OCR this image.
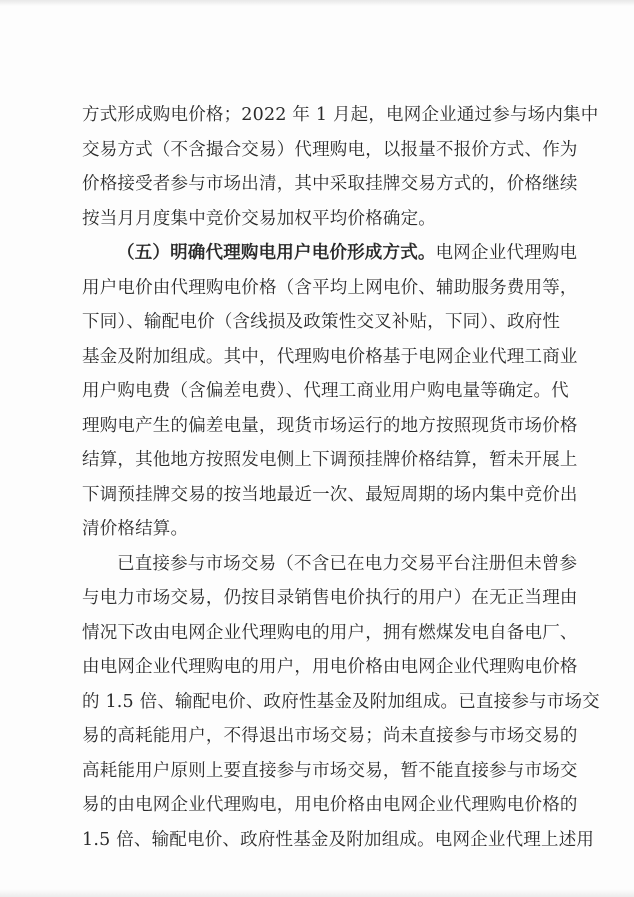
方式形成购电价格；2022 年 1 月起，电网企业通过参与场内集中
交易方式（不含撮合交易）代理购电，以报量不报价方式、作为
价格接受者参与市场出清，其中采取挂牌交易方式的，价格继续
按当月月度集中竞价交易加权平均价格确定。
（五）明确代理购电用户电价形成方式。电网企业代理购电
用户电价由代理购电价格（含平均上网电价、辅助服务费用等，
下同）、输配电价（含线损及政策性交叉补贴，下同）、政府性
基金及附加组成。其中，代理购电价格基于电网企业代理工商业
用户购电费（含偏差电费）、代理工商业用户购电量等确定。代
理购电产生的偏差电量，现货市场运行的地方按照现货市场价格
结算，其他地方按照发电侧上下调预挂牌价格结算，暂未开展上
下调预挂牌交易的按当地最近一次、最短周期的场内集中竞价出
清价格结算。
已直接参与市场交易（不含已在电力交易平台注册但未曾参
与电力市场交易，仍按目录销售电价执行的用户）在无正当理由
情况下改由电网企业代理购电的用户，拥有燃煤发电自备电厂、
由电网企业代理购电的用户，用电价格由电网企业代理购电价格
的 1.5 倍、输配电价、政府性基金及附加组成。已直接参与市场交
易的高耗能用户，不得退出市场交易；尚未直接参与市场交易的
高耗能用户原则上要直接参与市场交易，暂不能直接参与市场交
易的由电网企业代理购电，用电价格由电网企业代理购电价格的
1.5 倍、输配电价、政府性基金及附加组成。电网企业代理上述用
